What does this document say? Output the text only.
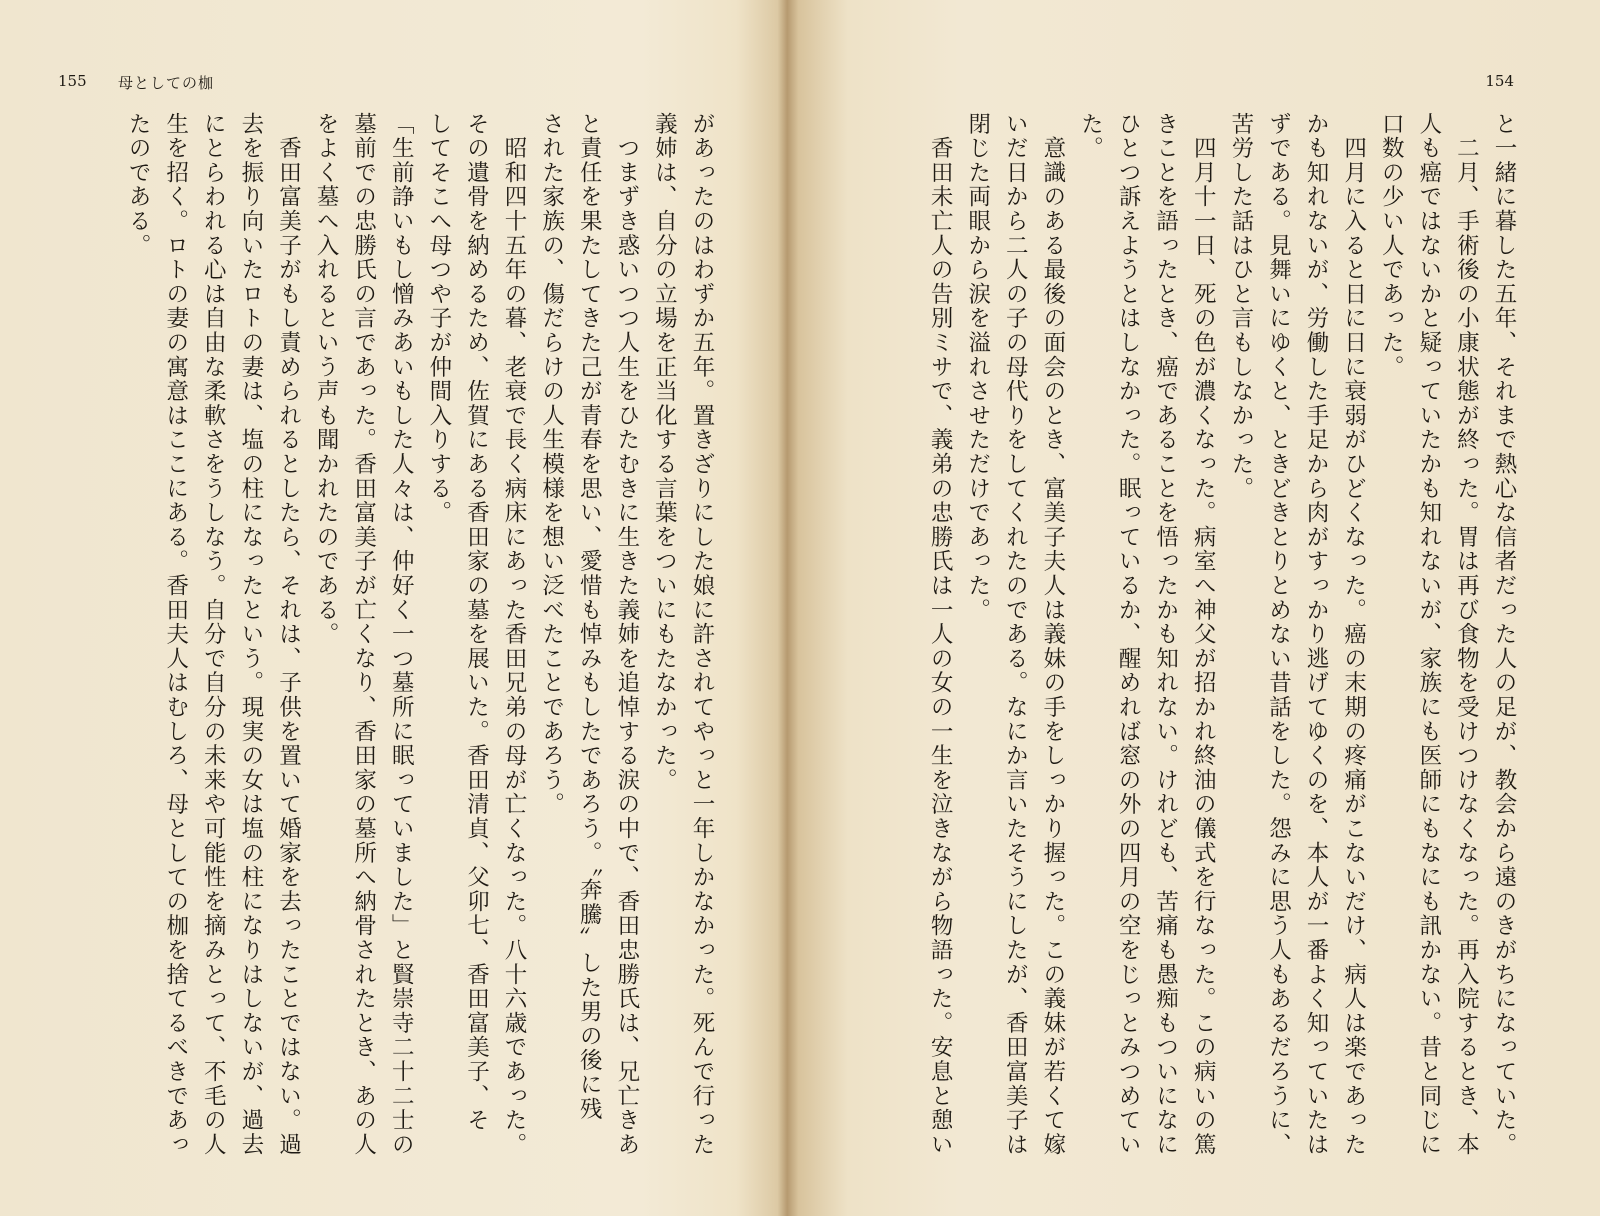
155 母としての枷
があったのはわずか五年。置きざりにした娘に許されてやっと一年しかなかった。死んで行った
義姉は、自分の立場を正当化する言葉をついにもたなかった。
　つまずき惑いつつ人生をひたむきに生きた義姉を追悼する涙の中で、香田忠勝氏は、兄亡きあ
と責任を果たしてきた己が青春を思い、愛惜も悼みもしたであろう。〝奔騰〟した男の後に残
された家族の、傷だらけの人生模様を想い泛べたことであろう。
　昭和四十五年の暮、老衰で長く病床にあった香田兄弟の母が亡くなった。八十六歳であった。
その遺骨を納めるため、佐賀にある香田家の墓を展いた。香田清貞、父卯七、香田富美子、そ
してそこへ母つや子が仲間入りする。
「生前諍いもし憎みあいもした人々は、仲好く一つ墓所に眠っていました」と賢崇寺二十二士の
墓前での忠勝氏の言であった。香田富美子が亡くなり、香田家の墓所へ納骨されたとき、あの人
をよく墓へ入れるという声も聞かれたのである。
　香田富美子がもし責められるとしたら、それは、子供を置いて婚家を去ったことではない。過
去を振り向いたロトの妻は、塩の柱になったという。現実の女は塩の柱になりはしないが、過去
にとらわれる心は自由な柔軟さをうしなう。自分で自分の未来や可能性を摘みとって、不毛の人
生を招く。ロトの妻の寓意はここにある。香田夫人はむしろ、母としての枷を捨てるべきであっ
たのである。
154
と一緒に暮した五年、それまで熱心な信者だった人の足が、教会から遠のきがちになっていた。
　二月、手術後の小康状態が終った。胃は再び食物を受けつけなくなった。再入院するとき、本
人も癌ではないかと疑っていたかも知れないが、家族にも医師にもなにも訊かない。昔と同じに
口数の少い人であった。
　四月に入ると日に日に衰弱がひどくなった。癌の末期の疼痛がこないだけ、病人は楽であった
かも知れないが、労働した手足から肉がすっかり逃げてゆくのを、本人が一番よく知っていたは
ずである。見舞いにゆくと、ときどきとりとめない昔話をした。怨みに思う人もあるだろうに、
苦労した話はひと言もしなかった。
　四月十一日、死の色が濃くなった。病室へ神父が招かれ終油の儀式を行なった。この病いの篤
きことを語ったとき、癌であることを悟ったかも知れない。けれども、苦痛も愚痴もついになに
ひとつ訴えようとはしなかった。眠っているか、醒めれば窓の外の四月の空をじっとみつめてい
た。
　意識のある最後の面会のとき、富美子夫人は義妹の手をしっかり握った。この義妹が若くて嫁
いだ日から二人の子の母代りをしてくれたのである。なにか言いたそうにしたが、香田富美子は
閉じた両眼から涙を溢れさせただけであった。
　香田未亡人の告別ミサで、義弟の忠勝氏は一人の女の一生を泣きながら物語った。安息と憩い
